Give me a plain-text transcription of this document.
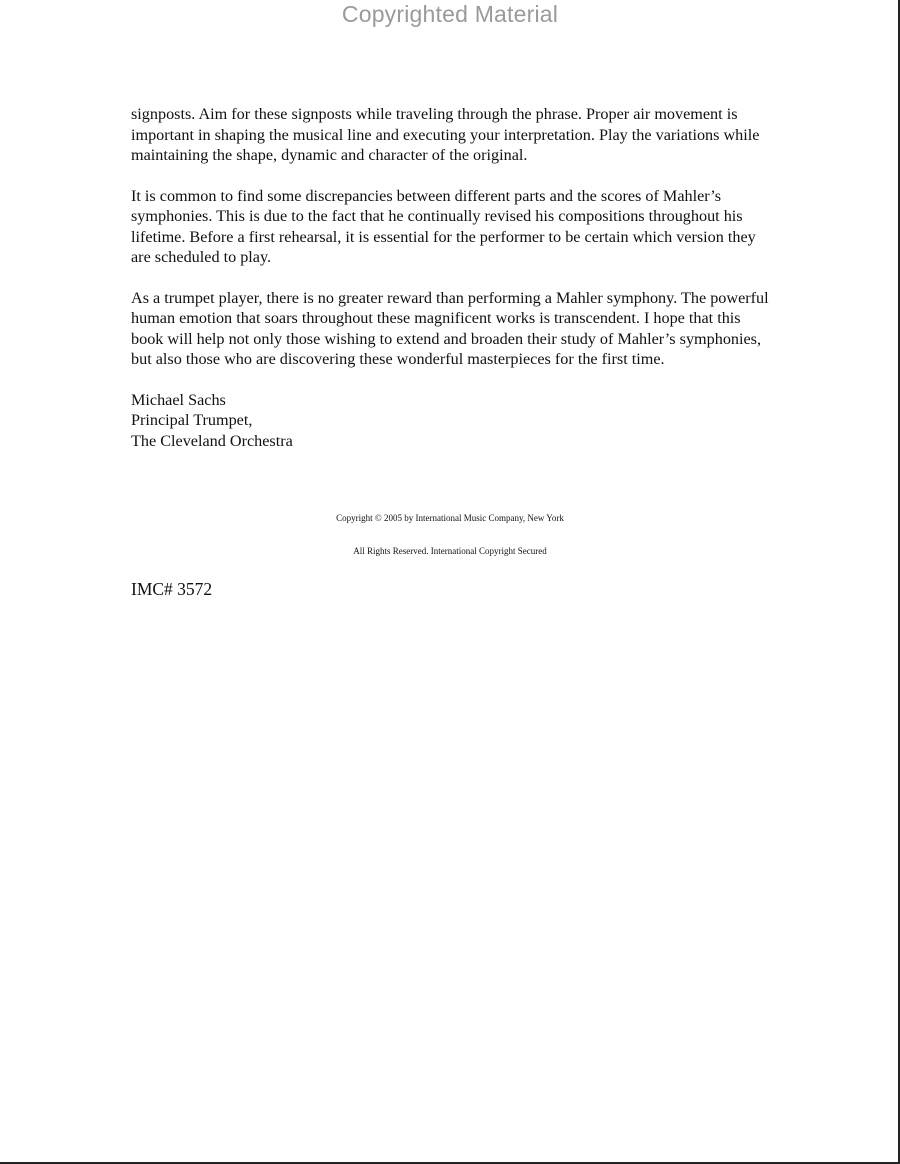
Copyrighted Material

signposts. Aim for these signposts while traveling through the phrase. Proper air movement is important in shaping the musical line and executing your interpretation. Play the variations while maintaining the shape, dynamic and character of the original.

It is common to find some discrepancies between different parts and the scores of Mahler’s symphonies. This is due to the fact that he continually revised his compositions throughout his lifetime. Before a first rehearsal, it is essential for the performer to be certain which version they are scheduled to play.

As a trumpet player, there is no greater reward than performing a Mahler symphony. The powerful human emotion that soars throughout these magnificent works is transcendent. I hope that this book will help not only those wishing to extend and broaden their study of Mahler’s symphonies, but also those who are discovering these wonderful masterpieces for the first time.

Michael Sachs
Principal Trumpet,
The Cleveland Orchestra
Copyright © 2005 by International Music Company, New York
All Rights Reserved. International Copyright Secured
IMC# 3572
